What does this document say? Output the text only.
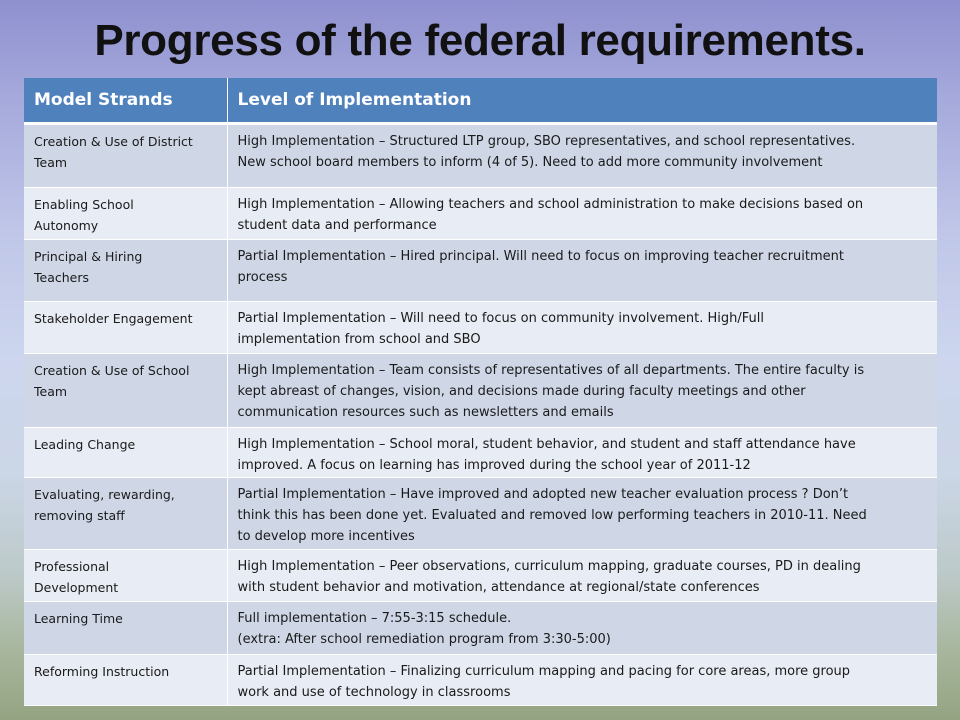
Progress of the federal requirements.
Model Strands	Level of Implementation

Creation & Use of District
Team	High Implementation – Structured LTP group, SBO representatives, and school representatives.
New school board members to inform (4 of 5). Need to add more community involvement

Enabling School
Autonomy	High Implementation – Allowing teachers and school administration to make decisions based on
student data and performance

Principal & Hiring
Teachers	Partial Implementation – Hired principal. Will need to focus on improving teacher recruitment
process

Stakeholder Engagement	Partial Implementation – Will need to focus on community involvement. High/Full
implementation from school and SBO

Creation & Use of School
Team	High Implementation – Team consists of representatives of all departments. The entire faculty is
kept abreast of changes, vision, and decisions made during faculty meetings and other
communication resources such as newsletters and emails

Leading Change	High Implementation – School moral, student behavior, and student and staff attendance have
improved. A focus on learning has improved during the school year of 2011-12

Evaluating, rewarding,
removing staff	Partial Implementation – Have improved and adopted new teacher evaluation process ? Don’t
think this has been done yet. Evaluated and removed low performing teachers in 2010-11. Need
to develop more incentives

Professional
Development	High Implementation – Peer observations, curriculum mapping, graduate courses, PD in dealing
with student behavior and motivation, attendance at regional/state conferences

Learning Time	Full implementation – 7:55-3:15 schedule.
(extra: After school remediation program from 3:30-5:00)

Reforming Instruction	Partial Implementation – Finalizing curriculum mapping and pacing for core areas, more group
work and use of technology in classrooms
